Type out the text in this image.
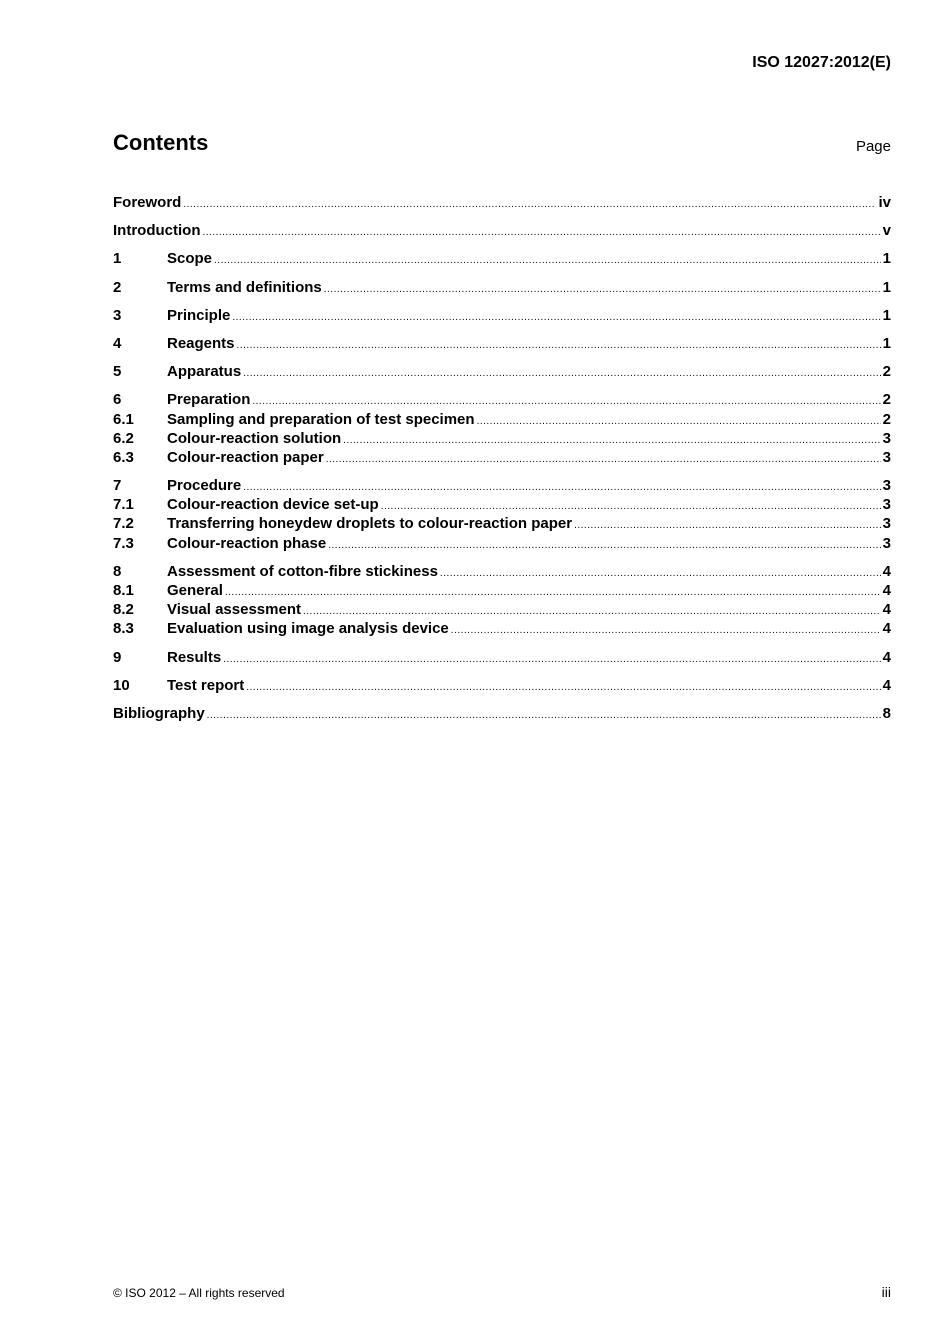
ISO 12027:2012(E)
Contents	Page
Foreword .....	iv
Introduction .....	v
1	Scope .....	1
2	Terms and definitions .....	1
3	Principle .....	1
4	Reagents .....	1
5	Apparatus .....	2
6	Preparation .....	2
6.1	Sampling and preparation of test specimen .....	2
6.2	Colour-reaction solution .....	3
6.3	Colour-reaction paper .....	3
7	Procedure .....	3
7.1	Colour-reaction device set-up .....	3
7.2	Transferring honeydew droplets to colour-reaction paper .....	3
7.3	Colour-reaction phase .....	3
8	Assessment of cotton-fibre stickiness .....	4
8.1	General .....	4
8.2	Visual assessment .....	4
8.3	Evaluation using image analysis device .....	4
9	Results .....	4
10	Test report .....	4
Bibliography .....	8
© ISO 2012 – All rights reserved	iii
